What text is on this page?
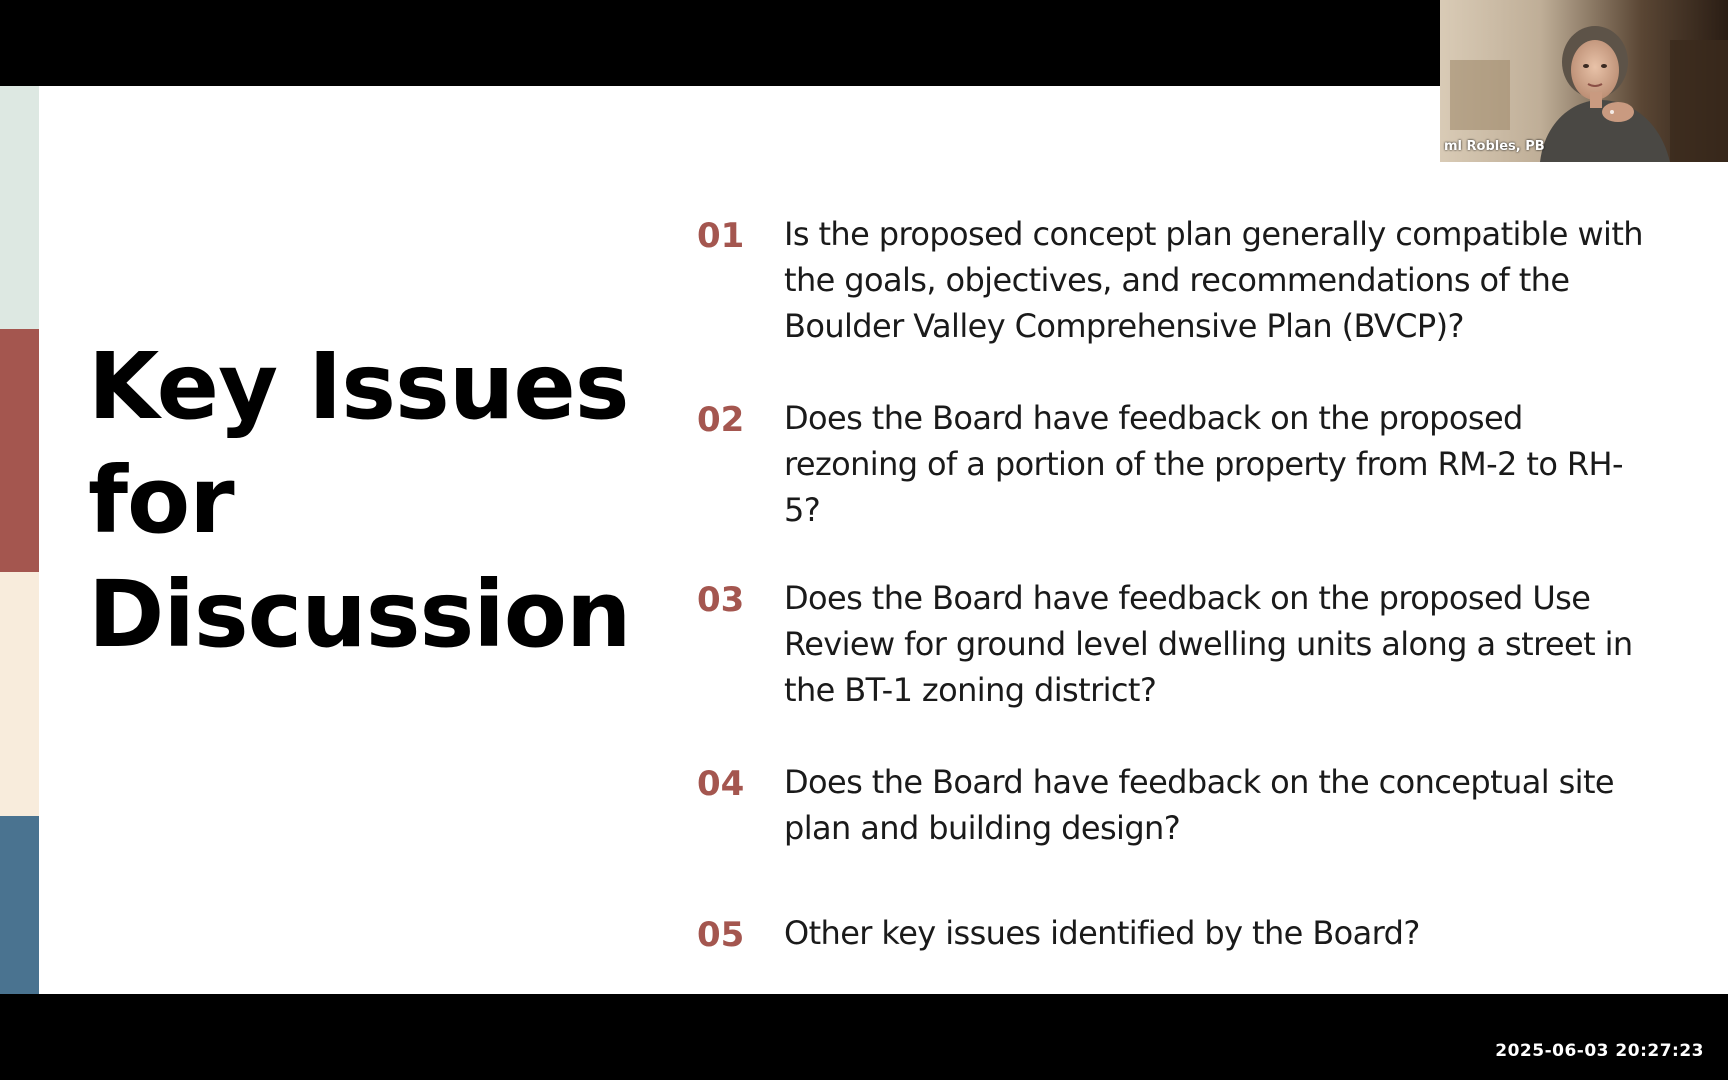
Key Issues
for
Discussion
01	Is the proposed concept plan generally compatible with the goals, objectives, and recommendations of the Boulder Valley Comprehensive Plan (BVCP)?
02	Does the Board have feedback on the proposed rezoning of a portion of the property from RM-2 to RH-5?
03	Does the Board have feedback on the proposed Use Review for ground level dwelling units along a street in the BT-1 zoning district?
04	Does the Board have feedback on the conceptual site plan and building design?
05	Other key issues identified by the Board?
ml Robles, PB
2025-06-03 20:27:23
